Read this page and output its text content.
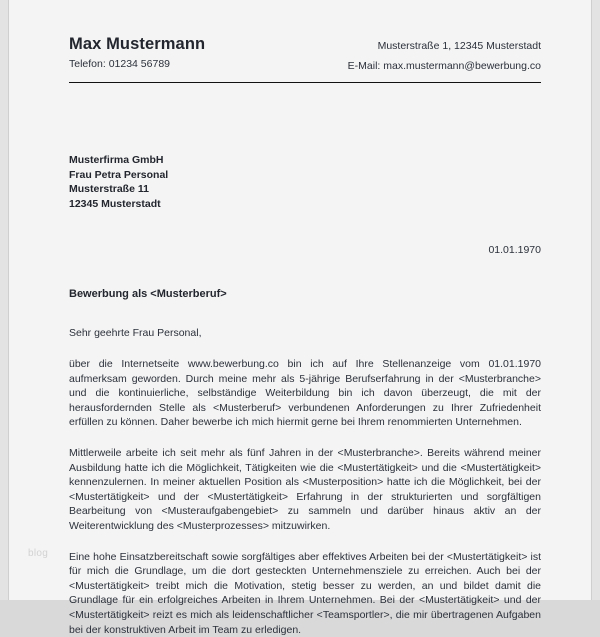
Max Mustermann
Telefon: 01234 56789
Musterstraße 1, 12345 Musterstadt
E-Mail: max.mustermann@bewerbung.co
Musterfirma GmbH
Frau Petra Personal
Musterstraße 11
12345 Musterstadt
01.01.1970
Bewerbung als <Musterberuf>
Sehr geehrte Frau Personal,
über die Internetseite www.bewerbung.co bin ich auf Ihre Stellenanzeige vom 01.01.1970 aufmerksam geworden. Durch meine mehr als 5-jährige Berufserfahrung in der <Musterbranche> und die kontinuierliche, selbständige Weiterbildung bin ich davon überzeugt, die mit der herausfordernden Stelle als <Musterberuf> verbundenen Anforderungen zu Ihrer Zufriedenheit erfüllen zu können. Daher bewerbe ich mich hiermit gerne bei Ihrem renommierten Unternehmen.
Mittlerweile arbeite ich seit mehr als fünf Jahren in der <Musterbranche>. Bereits während meiner Ausbildung hatte ich die Möglichkeit, Tätigkeiten wie die <Mustertätigkeit> und die <Mustertätigkeit> kennenzulernen. In meiner aktuellen Position als <Musterposition> hatte ich die Möglichkeit, bei der <Mustertätigkeit> und der <Mustertätigkeit> Erfahrung in der strukturierten und sorgfältigen Bearbeitung von <Musteraufgabengebiet> zu sammeln und darüber hinaus aktiv an der Weiterentwicklung des <Musterprozesses> mitzuwirken.
Eine hohe Einsatzbereitschaft sowie sorgfältiges aber effektives Arbeiten bei der <Mustertätigkeit> ist für mich die Grundlage, um die dort gesteckten Unternehmensziele zu erreichen. Auch bei der <Mustertätigkeit> treibt mich die Motivation, stetig besser zu werden, an und bildet damit die Grundlage für ein erfolgreiches Arbeiten in Ihrem Unternehmen. Bei der <Mustertätigkeit> und der <Mustertätigkeit> reizt es mich als leidenschaftlicher <Teamsportler>, die mir übertragenen Aufgaben bei der konstruktiven Arbeit im Team zu erledigen.
blog
